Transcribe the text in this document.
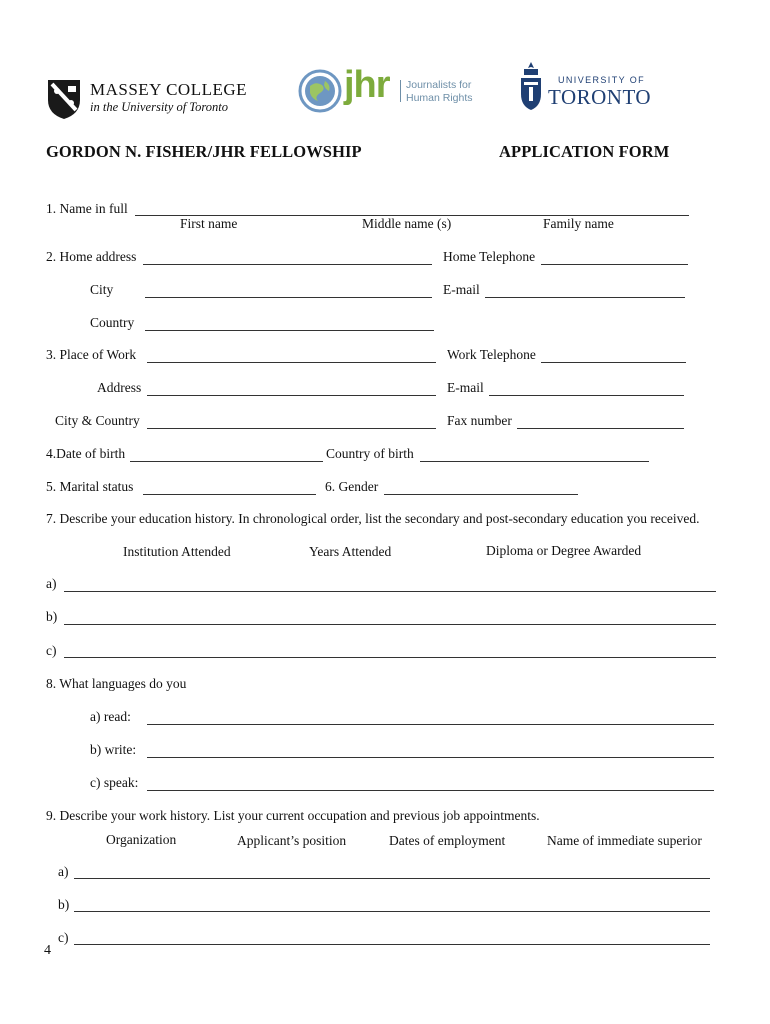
MASSEY COLLEGE
in the University of Toronto
jhr Journalists for
Human Rights
UNIVERSITY OF
TORONTO
GORDON N. FISHER/JHR FELLOWSHIP	APPLICATION FORM
1. Name in full
First name	Middle name (s)	Family name
2. Home address	Home Telephone
City	E-mail
Country
3. Place of Work	Work Telephone
Address	E-mail
City & Country	Fax number
4.Date of birth	Country of birth
5. Marital status	6. Gender
7. Describe your education history. In chronological order, list the secondary and post-secondary education you received.
Institution Attended	Years Attended	Diploma or Degree Awarded
a)
b)
c)
8. What languages do you
a) read:
b) write:
c) speak:
9. Describe your work history. List your current occupation and previous job appointments.
Organization	Applicant’s position	Dates of employment	Name of immediate superior
a)
b)
c)
4
